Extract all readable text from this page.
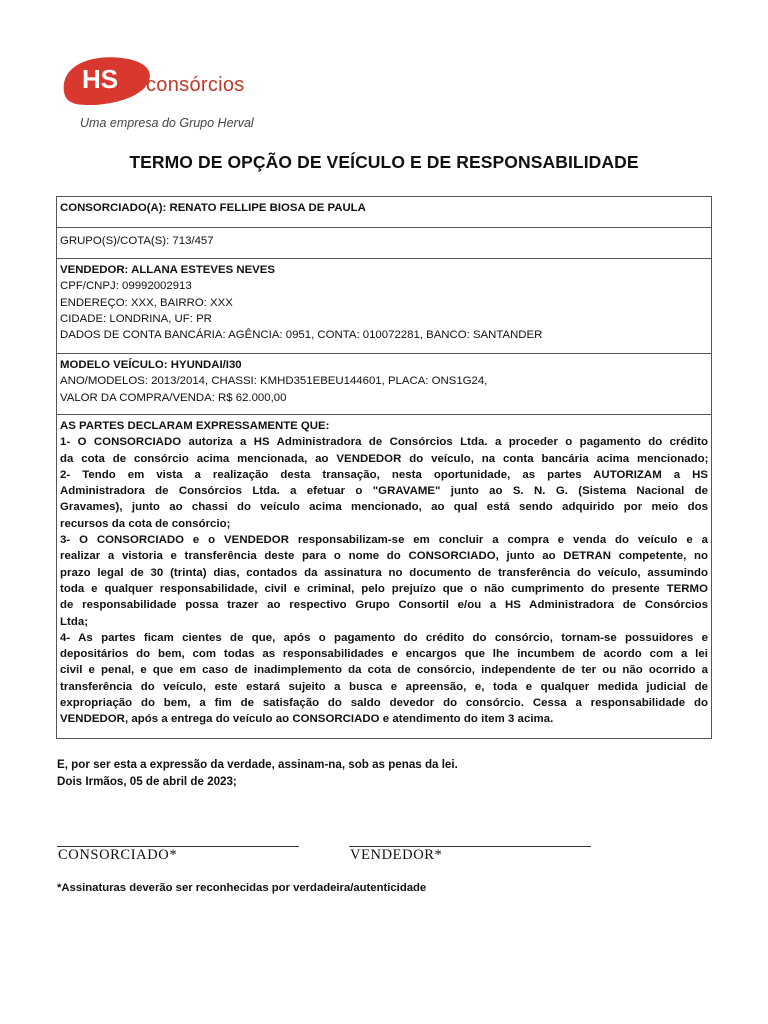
HS consórcios
Uma empresa do Grupo Herval
TERMO DE OPÇÃO DE VEÍCULO E DE RESPONSABILIDADE
CONSORCIADO(A): RENATO FELLIPE BIOSA DE PAULA
GRUPO(S)/COTA(S): 713/457
VENDEDOR: ALLANA ESTEVES NEVES
CPF/CNPJ: 09992002913
ENDEREÇO: XXX, BAIRRO: XXX
CIDADE: LONDRINA, UF: PR
DADOS DE CONTA BANCÁRIA: AGÊNCIA: 0951, CONTA: 010072281, BANCO: SANTANDER
MODELO VEÍCULO: HYUNDAI/I30
ANO/MODELOS: 2013/2014, CHASSI: KMHD351EBEU144601, PLACA: ONS1G24,
VALOR DA COMPRA/VENDA: R$ 62.000,00
AS PARTES DECLARAM EXPRESSAMENTE QUE:
1- O CONSORCIADO autoriza a HS Administradora de Consórcios Ltda. a proceder o pagamento do crédito
da cota de consórcio acima mencionada, ao VENDEDOR do veículo, na conta bancária acima mencionado;
2- Tendo em vista a realização desta transação, nesta oportunidade, as partes AUTORIZAM a HS
Administradora de Consórcios Ltda. a efetuar o "GRAVAME" junto ao S. N. G. (Sistema Nacional de
Gravames), junto ao chassi do veículo acima mencionado, ao qual está sendo adquirido por meio dos
recursos da cota de consórcio;
3- O CONSORCIADO e o VENDEDOR responsabilizam-se em concluir a compra e venda do veículo e a
realizar a vistoria e transferência deste para o nome do CONSORCIADO, junto ao DETRAN competente, no
prazo legal de 30 (trinta) dias, contados da assinatura no documento de transferência do veículo, assumindo
toda e qualquer responsabilidade, civil e criminal, pelo prejuízo que o não cumprimento do presente TERMO
de responsabilidade possa trazer ao respectivo Grupo Consortil e/ou a HS Administradora de Consórcios
Ltda;
4- As partes ficam cientes de que, após o pagamento do crédito do consórcio, tornam-se possuidores e
depositários do bem, com todas as responsabilidades e encargos que lhe incumbem de acordo com a lei
civil e penal, e que em caso de inadimplemento da cota de consórcio, independente de ter ou não ocorrido a
transferência do veículo, este estará sujeito a busca e apreensão, e, toda e qualquer medida judicial de
expropriação do bem, a fim de satisfação do saldo devedor do consórcio. Cessa a responsabilidade do
VENDEDOR, após a entrega do veículo ao CONSORCIADO e atendimento do item 3 acima.
E, por ser esta a expressão da verdade, assinam-na, sob as penas da lei.
Dois Irmãos, 05 de abril de 2023;
CONSORCIADO*	VENDEDOR*
*Assinaturas deverão ser reconhecidas por verdadeira/autenticidade
